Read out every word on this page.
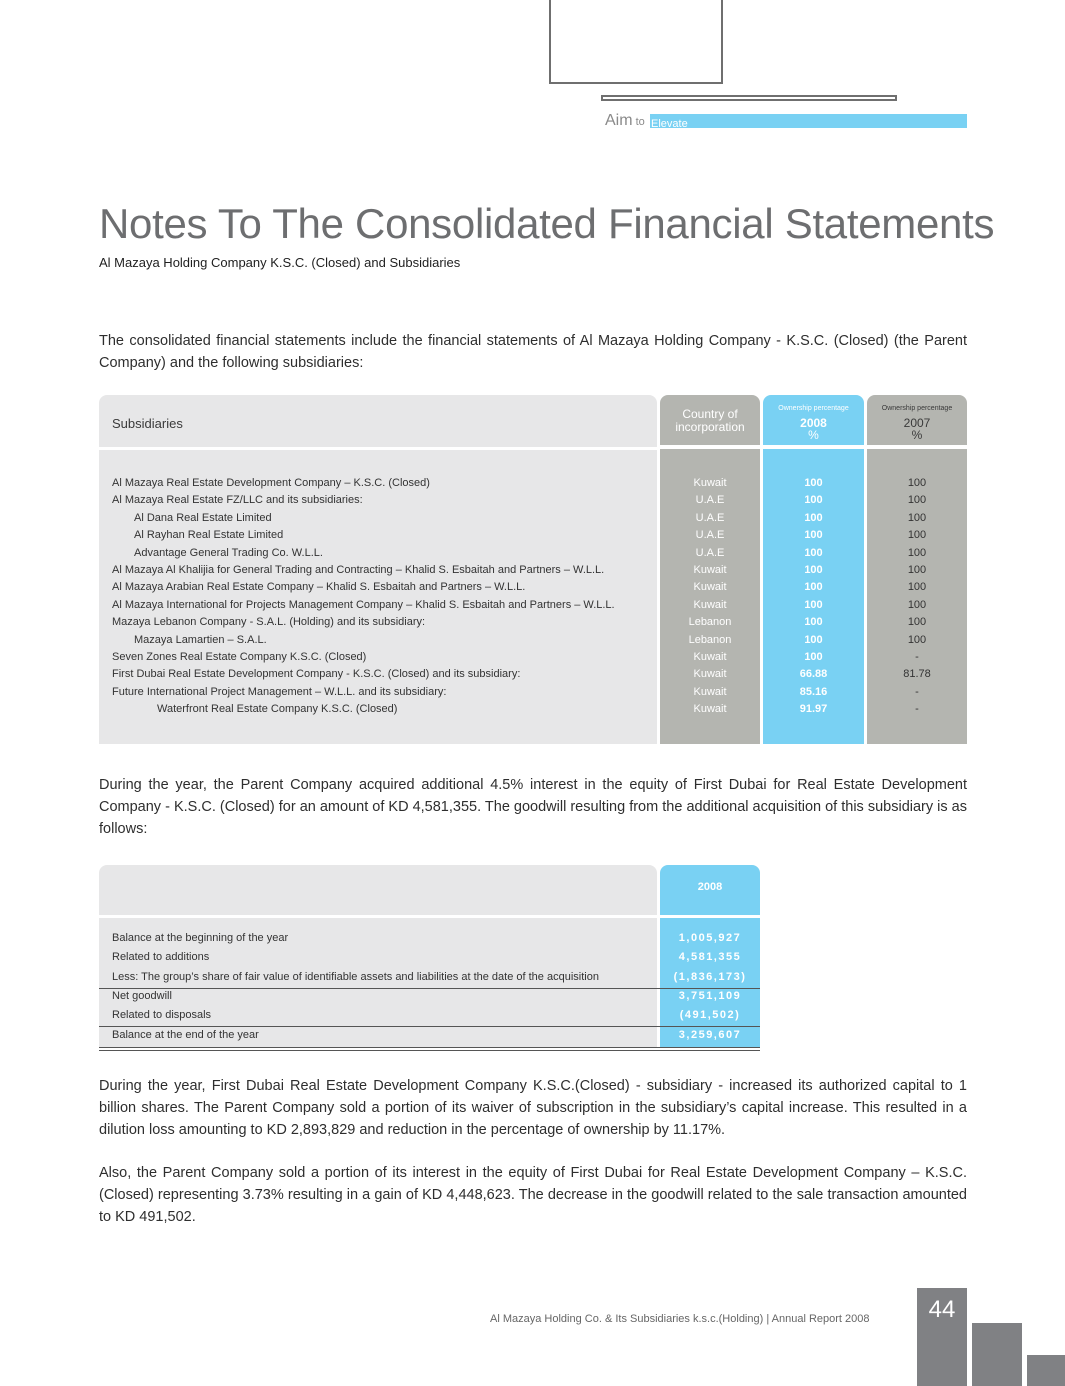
Elevate
Aim to
Notes To The Consolidated Financial Statements
Al Mazaya Holding Company K.S.C. (Closed) and Subsidiaries
The consolidated financial statements include the financial statements of Al Mazaya Holding Company - K.S.C. (Closed) (the Parent Company) and the following subsidiaries:
Subsidiaries
Country of
incorporation
Ownership percentage	Ownership percentage
2008
%
2007
%
Al Mazaya Real Estate Development Company – K.S.C. (Closed)	Kuwait	100	100
Al Mazaya Real Estate FZ/LLC and its subsidiaries:	U.A.E	100	100
Al Dana Real Estate Limited	U.A.E	100	100
Al Rayhan Real Estate Limited	U.A.E	100	100
Advantage General Trading Co. W.L.L.	U.A.E	100	100
Al Mazaya Al Khalijia for General Trading and Contracting – Khalid S. Esbaitah and Partners – W.L.L.	Kuwait	100	100
Al Mazaya Arabian Real Estate Company – Khalid S. Esbaitah and Partners – W.L.L.	Kuwait	100	100
Al Mazaya International for Projects Management Company – Khalid S. Esbaitah and Partners – W.L.L.	Kuwait	100	100
Mazaya Lebanon Company - S.A.L. (Holding) and its subsidiary:	Lebanon	100	100
Mazaya Lamartien – S.A.L.	Lebanon	100	100
Seven Zones Real Estate Company K.S.C. (Closed)	Kuwait	100	-
First Dubai Real Estate Development Company - K.S.C. (Closed) and its subsidiary:	Kuwait	66.88	81.78
Future International Project Management – W.L.L. and its subsidiary:	Kuwait	85.16	-
Waterfront Real Estate Company K.S.C. (Closed)	Kuwait	91.97	-
During the year, the Parent Company acquired additional 4.5% interest in the equity of First Dubai for Real Estate Development Company - K.S.C. (Closed) for an amount of KD 4,581,355. The goodwill resulting from the additional acquisition of this subsidiary is as follows:
2008
Balance at the beginning of the year	1,005,927
Related to additions	4,581,355
Less: The group’s share of fair value of identifiable assets and liabilities at the date of the acquisition	(1,836,173)
Net goodwill	3,751,109
Related to disposals	(491,502)
Balance at the end of the year	3,259,607
During the year, First Dubai Real Estate Development Company K.S.C.(Closed) - subsidiary - increased its authorized capital to 1 billion shares. The Parent Company sold a portion of its waiver of subscription in the subsidiary’s capital increase. This resulted in a dilution loss amounting to KD 2,893,829 and reduction in the percentage of ownership by 11.17%.
Also, the Parent Company sold a portion of its interest in the equity of First Dubai for Real Estate Development Company – K.S.C. (Closed) representing 3.73% resulting in a gain of KD 4,448,623. The decrease in the goodwill related to the sale transaction amounted to KD 491,502.
Al Mazaya Holding Co. & Its Subsidiaries k.s.c.(Holding) | Annual Report 2008	44
